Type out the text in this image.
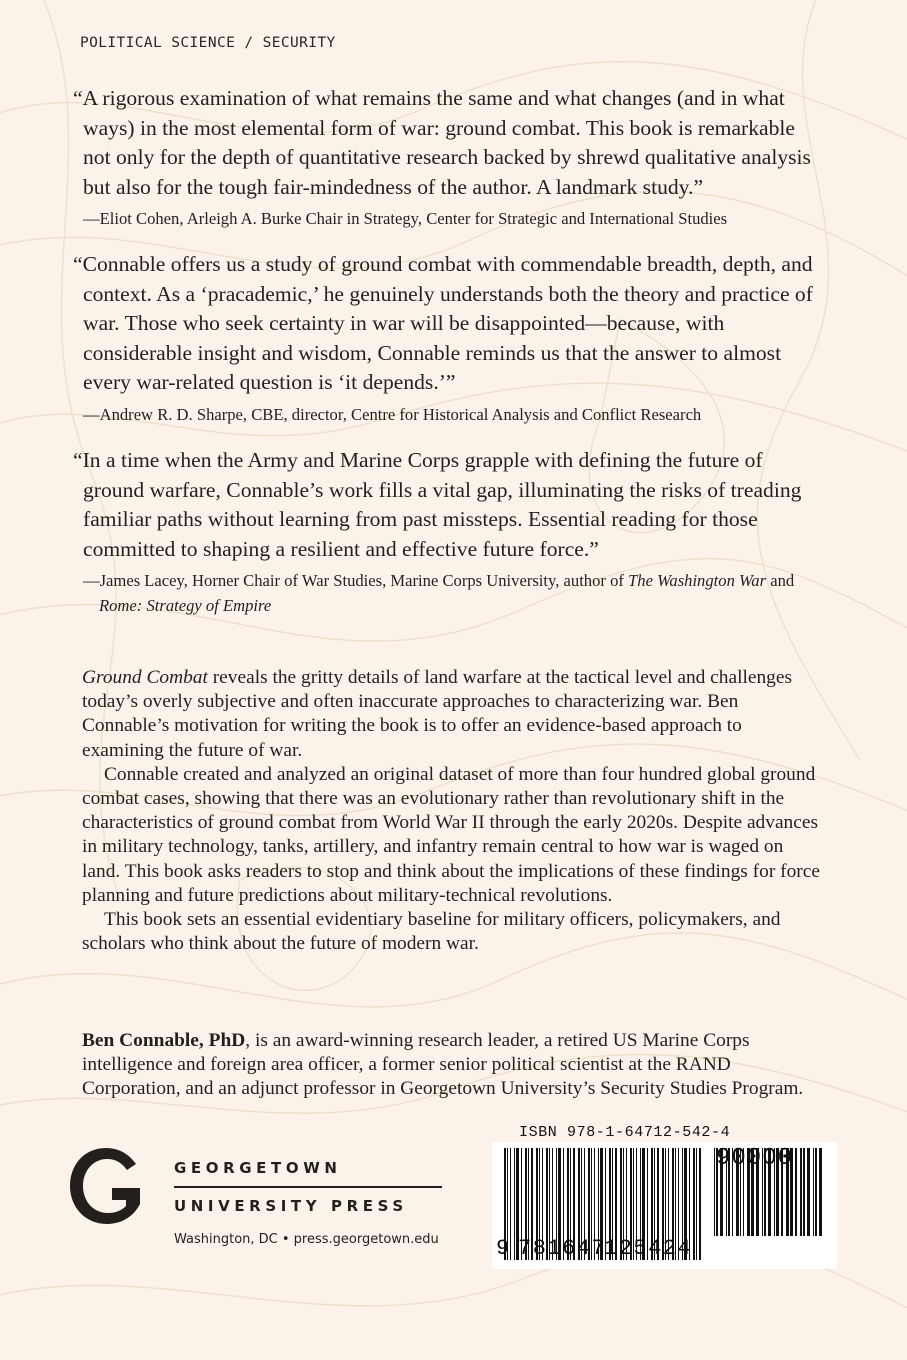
POLITICAL SCIENCE / SECURITY

“A rigorous examination of what remains the same and what changes (and in what ways) in the most elemental form of war: ground combat. This book is remarkable not only for the depth of quantitative research backed by shrewd qualitative analysis but also for the tough fair-mindedness of the author. A landmark study.”

—Eliot Cohen, Arleigh A. Burke Chair in Strategy, Center for Strategic and International Studies

“Connable offers us a study of ground combat with commendable breadth, depth, and context. As a ‘pracademic,’ he genuinely understands both the theory and practice of war. Those who seek certainty in war will be disappointed—because, with considerable insight and wisdom, Connable reminds us that the answer to almost every war-related question is ‘it depends.’”

—Andrew R. D. Sharpe, CBE, director, Centre for Historical Analysis and Conflict Research

“In a time when the Army and Marine Corps grapple with defining the future of ground warfare, Connable’s work fills a vital gap, illuminating the risks of treading familiar paths without learning from past missteps. Essential reading for those committed to shaping a resilient and effective future force.”

—James Lacey, Horner Chair of War Studies, Marine Corps University, author of The Washington War and Rome: Strategy of Empire

Ground Combat reveals the gritty details of land warfare at the tactical level and challenges today’s overly subjective and often inaccurate approaches to characterizing war. Ben Connable’s motivation for writing the book is to offer an evidence-based approach to examining the future of war.

Connable created and analyzed an original dataset of more than four hundred global ground combat cases, showing that there was an evolutionary rather than revolutionary shift in the characteristics of ground combat from World War II through the early 2020s. Despite advances in military technology, tanks, artillery, and infantry remain central to how war is waged on land. This book asks readers to stop and think about the implications of these findings for force planning and future predictions about military-technical revolutions.

This book sets an essential evidentiary baseline for military officers, policymakers, and scholars who think about the future of modern war.

Ben Connable, PhD, is an award-winning research leader, a retired US Marine Corps intelligence and foreign area officer, a former senior political scientist at the RAND Corporation, and an adjunct professor in Georgetown University’s Security Studies Program.

GEORGETOWN
UNIVERSITY PRESS
Washington, DC • press.georgetown.edu
ISBN 978-1-64712-542-4
90000
9 781647
125424
